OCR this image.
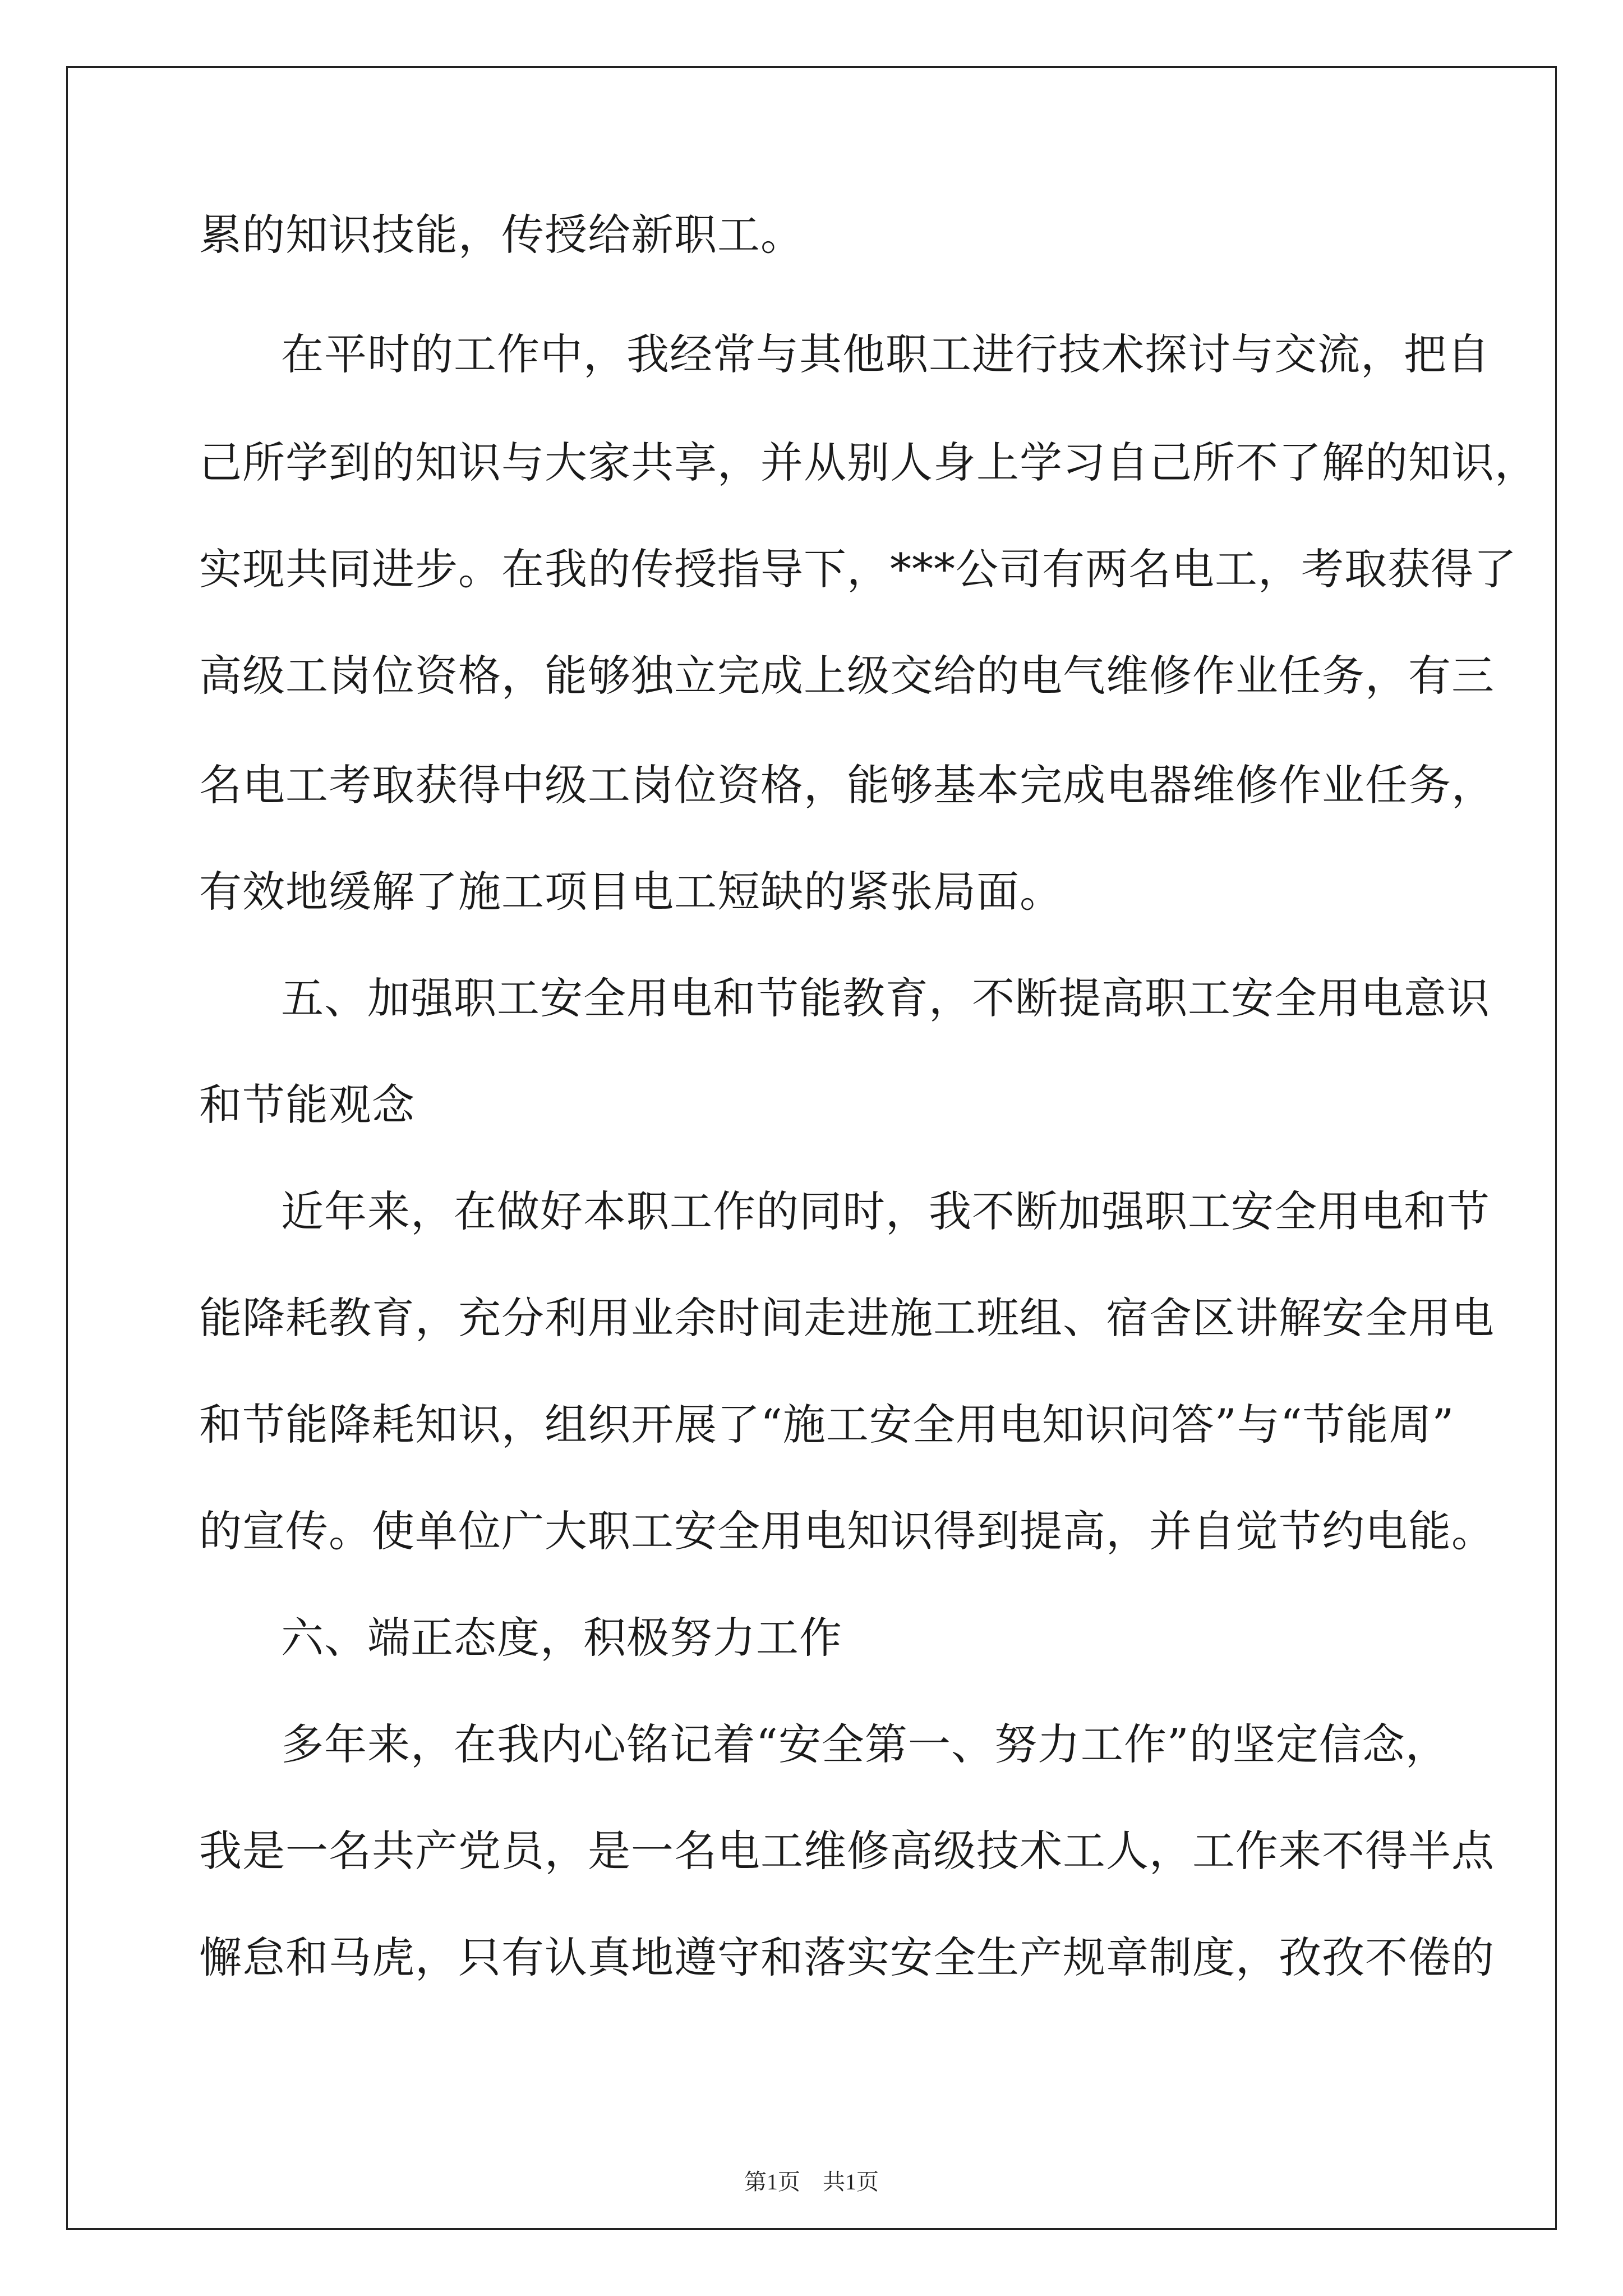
累的知识技能，传授给新职工。
在平时的工作中，我经常与其他职工进行技术探讨与交流，把自
己所学到的知识与大家共享，并从别人身上学习自己所不了解的知识，
实现共同进步。在我的传授指导下，***公司有两名电工，考取获得了
高级工岗位资格，能够独立完成上级交给的电气维修作业任务，有三
名电工考取获得中级工岗位资格，能够基本完成电器维修作业任务，
有效地缓解了施工项目电工短缺的紧张局面。
五、加强职工安全用电和节能教育，不断提高职工安全用电意识
和节能观念
近年来，在做好本职工作的同时，我不断加强职工安全用电和节
能降耗教育，充分利用业余时间走进施工班组、宿舍区讲解安全用电
和节能降耗知识，组织开展了“施工安全用电知识问答”与“节能周”
的宣传。使单位广大职工安全用电知识得到提高，并自觉节约电能。
六、端正态度，积极努力工作
多年来，在我内心铭记着“安全第一、努力工作”的坚定信念，
我是一名共产党员，是一名电工维修高级技术工人，工作来不得半点
懈怠和马虎，只有认真地遵守和落实安全生产规章制度，孜孜不倦的
第1页　共1页
